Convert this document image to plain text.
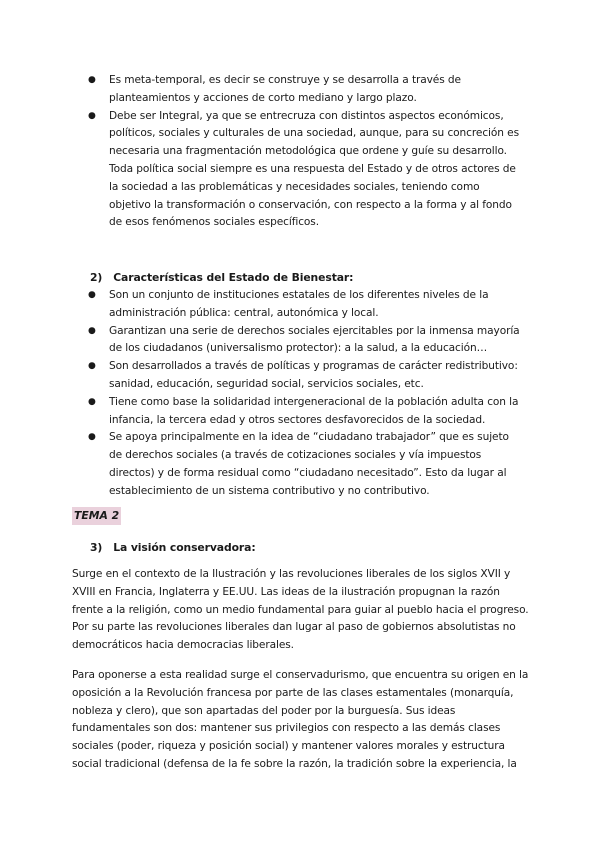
● Es meta-temporal, es decir se construye y se desarrolla a través de planteamientos y acciones de corto mediano y largo plazo.
● Debe ser Integral, ya que se entrecruza con distintos aspectos económicos, políticos, sociales y culturales de una sociedad, aunque, para su concreción es necesaria una fragmentación metodológica que ordene y guíe su desarrollo. Toda política social siempre es una respuesta del Estado y de otros actores de la sociedad a las problemáticas y necesidades sociales, teniendo como objetivo la transformación o conservación, con respecto a la forma y al fondo de esos fenómenos sociales específicos.
2) Características del Estado de Bienestar:
● Son un conjunto de instituciones estatales de los diferentes niveles de la administración pública: central, autonómica y local.
● Garantizan una serie de derechos sociales ejercitables por la inmensa mayoría de los ciudadanos (universalismo protector): a la salud, a la educación…
● Son desarrollados a través de políticas y programas de carácter redistributivo: sanidad, educación, seguridad social, servicios sociales, etc.
● Tiene como base la solidaridad intergeneracional de la población adulta con la infancia, la tercera edad y otros sectores desfavorecidos de la sociedad.
● Se apoya principalmente en la idea de “ciudadano trabajador” que es sujeto de derechos sociales (a través de cotizaciones sociales y vía impuestos directos) y de forma residual como “ciudadano necesitado”. Esto da lugar al establecimiento de un sistema contributivo y no contributivo.
TEMA 2
3) La visión conservadora:

Surge en el contexto de la Ilustración y las revoluciones liberales de los siglos XVII y XVIII en Francia, Inglaterra y EE.UU. Las ideas de la ilustración propugnan la razón frente a la religión, como un medio fundamental para guiar al pueblo hacia el progreso. Por su parte las revoluciones liberales dan lugar al paso de gobiernos absolutistas no democráticos hacia democracias liberales.

Para oponerse a esta realidad surge el conservadurismo, que encuentra su origen en la oposición a la Revolución francesa por parte de las clases estamentales (monarquía, nobleza y clero), que son apartadas del poder por la burguesía. Sus ideas fundamentales son dos: mantener sus privilegios con respecto a las demás clases sociales (poder, riqueza y posición social) y mantener valores morales y estructura social tradicional (defensa de la fe sobre la razón, la tradición sobre la experiencia, la
